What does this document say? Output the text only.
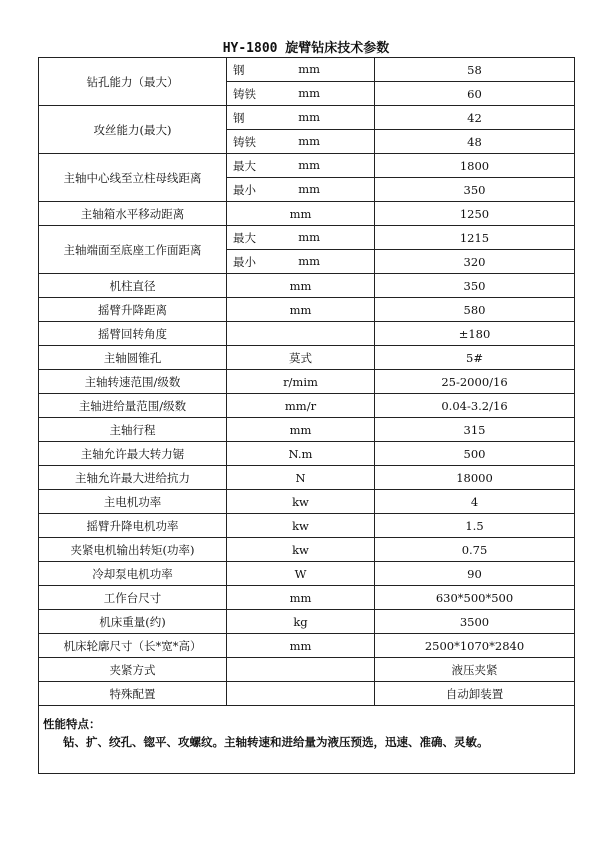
HY-1800 旋臂钻床技术参数
钻孔能力（最大）	钢 mm	58

	铸铁 mm	60
攻丝能力(最大)	钢 mm	42

	铸铁 mm	48
主轴中心线至立柱母线距离	最大 mm	1800

	最小 mm	350
主轴箱水平移动距离	mm	1250
主轴端面至底座工作面距离	最大 mm	1215

	最小 mm	320
机柱直径	mm	350
摇臂升降距离	mm	580
摇臂回转角度		±180
主轴圆锥孔	莫式	5#
主轴转速范围/级数	r/mim	25-2000/16
主轴进给量范围/级数	mm/r	0.04-3.2/16
主轴行程	mm	315
主轴允许最大转力锯	N.m	500
主轴允许最大进给抗力	N	18000
主电机功率	kw	4
摇臂升降电机功率	kw	1.5
夹紧电机输出转矩(功率)	kw	0.75
冷却泵电机功率	W	90
工作台尺寸	mm	630*500*500
机床重量(约)	kg	3500
机床轮廓尺寸（长*宽*高）	mm	2500*1070*2840
夹紧方式		液压夹紧
特殊配置		自动卸装置

性能特点：
钻、扩、绞孔、锪平、攻螺纹。主轴转速和进给量为液压预选，迅速、准确、灵敏。		
